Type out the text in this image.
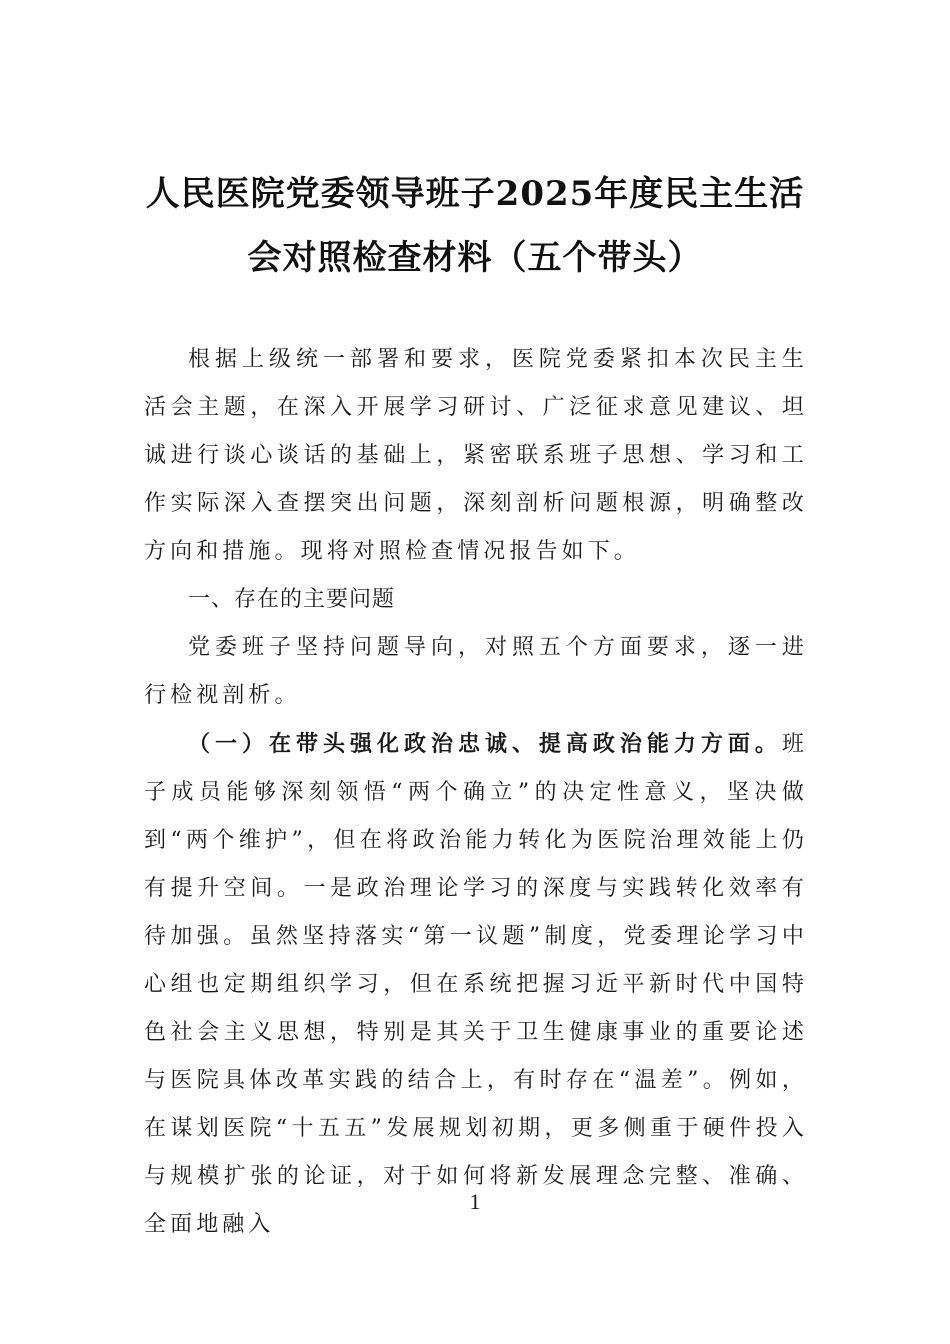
人民医院党委领导班子2025年度民主生活
会对照检查材料（五个带头）

根据上级统一部署和要求，医院党委紧扣本次民主生活会主题，在深入开展学习研讨、广泛征求意见建议、坦诚进行谈心谈话的基础上，紧密联系班子思想、学习和工作实际深入查摆突出问题，深刻剖析问题根源，明确整改方向和措施。现将对照检查情况报告如下。

一、存在的主要问题

党委班子坚持问题导向，对照五个方面要求，逐一进行检视剖析。

（一）在带头强化政治忠诚、提高政治能力方面。班子成员能够深刻领悟“两个确立”的决定性意义，坚决做到“两个维护”，但在将政治能力转化为医院治理效能上仍有提升空间。一是政治理论学习的深度与实践转化效率有待加强。虽然坚持落实“第一议题”制度，党委理论学习中心组也定期组织学习，但在系统把握习近平新时代中国特色社会主义思想，特别是其关于卫生健康事业的重要论述与医院具体改革实践的结合上，有时存在“温差”。例如，在谋划医院“十五五”发展规划初期，更多侧重于硬件投入与规模扩张的论证，对于如何将新发展理念完整、准确、全面地融入

1
